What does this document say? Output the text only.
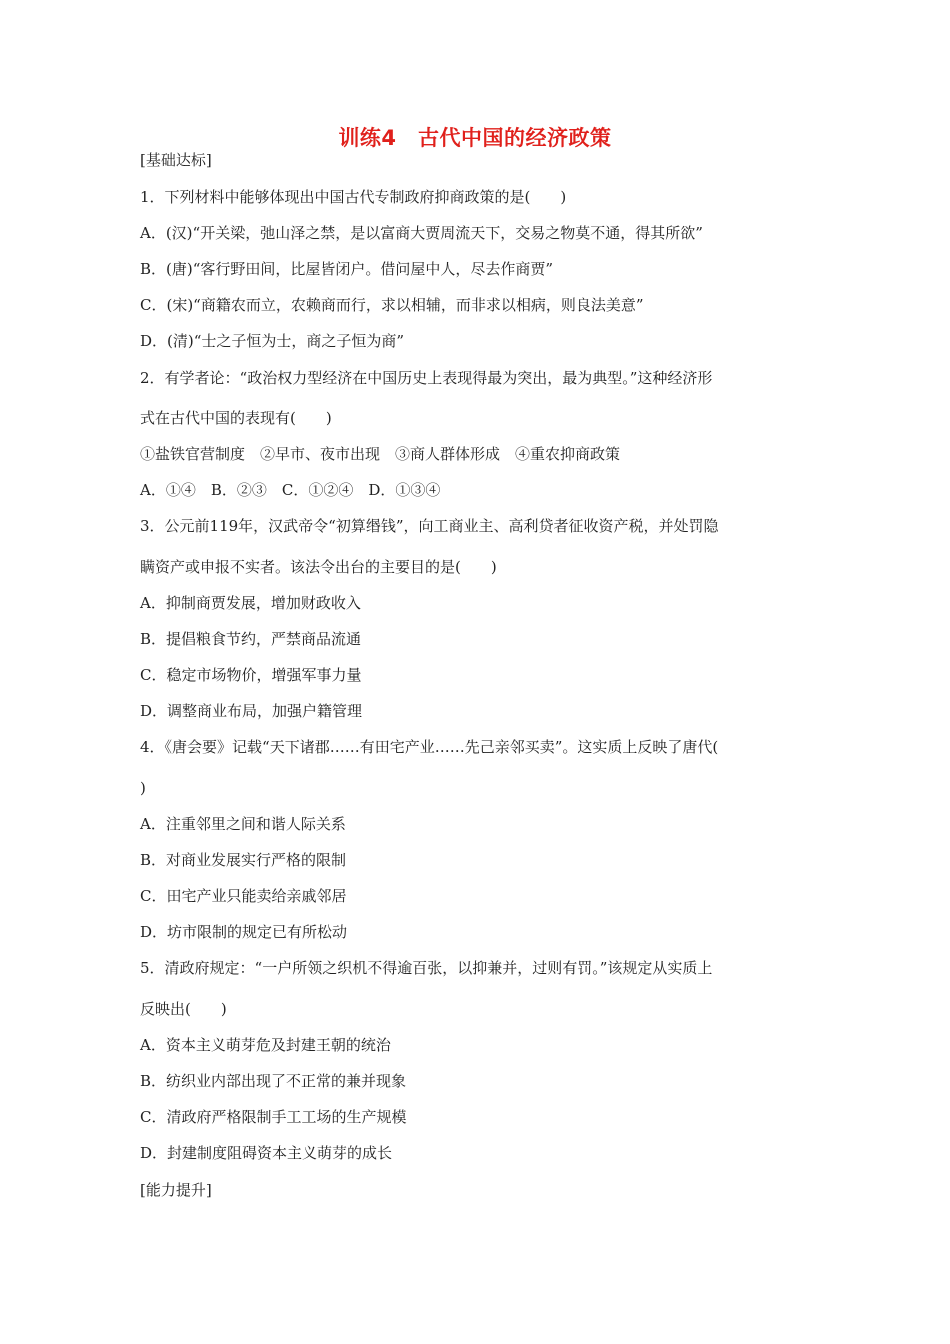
训练4　古代中国的经济政策
[基础达标]
1．下列材料中能够体现出中国古代专制政府抑商政策的是(　　)
A．(汉)“开关梁，弛山泽之禁，是以富商大贾周流天下，交易之物莫不通，得其所欲”
B．(唐)“客行野田间，比屋皆闭户。借问屋中人，尽去作商贾”
C．(宋)“商籍农而立，农赖商而行，求以相辅，而非求以相病，则良法美意”
D．(清)“士之子恒为士，商之子恒为商”
2．有学者论：“政治权力型经济在中国历史上表现得最为突出，最为典型。”这种经济形
式在古代中国的表现有(　　)
①盐铁官营制度　②早市、夜市出现　③商人群体形成　④重农抑商政策
A．①④　B．②③　C．①②④　D．①③④
3．公元前119年，汉武帝令“初算缗钱”，向工商业主、高利贷者征收资产税，并处罚隐
瞒资产或申报不实者。该法令出台的主要目的是(　　)
A．抑制商贾发展，增加财政收入
B．提倡粮食节约，严禁商品流通
C．稳定市场物价，增强军事力量
D．调整商业布局，加强户籍管理
4．《唐会要》记载“天下诸郡……有田宅产业……先己亲邻买卖”。这实质上反映了唐代(
)
A．注重邻里之间和谐人际关系
B．对商业发展实行严格的限制
C．田宅产业只能卖给亲戚邻居
D．坊市限制的规定已有所松动
5．清政府规定：“一户所领之织机不得逾百张，以抑兼并，过则有罚。”该规定从实质上
反映出(　　)
A．资本主义萌芽危及封建王朝的统治
B．纺织业内部出现了不正常的兼并现象
C．清政府严格限制手工工场的生产规模
D．封建制度阻碍资本主义萌芽的成长
[能力提升]
